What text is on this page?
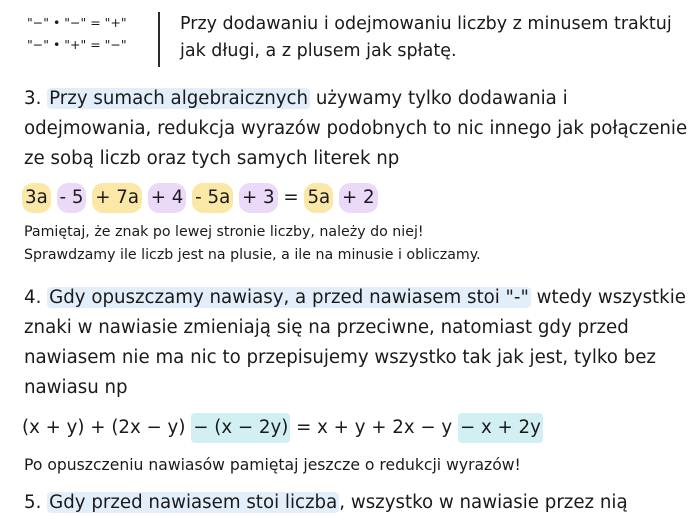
"−" • "−" = "+"
"−" • "+" = "−"
Przy dodawaniu i odejmowaniu liczby z minusem traktuj jak długi, a z plusem jak spłatę.
3. Przy sumach algebraicznych używamy tylko dodawania i odejmowania, redukcja wyrazów podobnych to nic innego jak połączenie ze sobą liczb oraz tych samych literek np
3a - 5 + 7a + 4 - 5a + 3 = 5a + 2
Pamiętaj, że znak po lewej stronie liczby, należy do niej!
Sprawdzamy ile liczb jest na plusie, a ile na minusie i obliczamy.
4. Gdy opuszczamy nawiasy, a przed nawiasem stoi "-" wtedy wszystkie znaki w nawiasie zmieniają się na przeciwne, natomiast gdy przed nawiasem nie ma nic to przepisujemy wszystko tak jak jest, tylko bez nawiasu np
(x + y) + (2x − y) − (x − 2y) = x + y + 2x − y − x + 2y
Po opuszczeniu nawiasów pamiętaj jeszcze o redukcji wyrazów!
5. Gdy przed nawiasem stoi liczba , wszystko w nawiasie przez nią
